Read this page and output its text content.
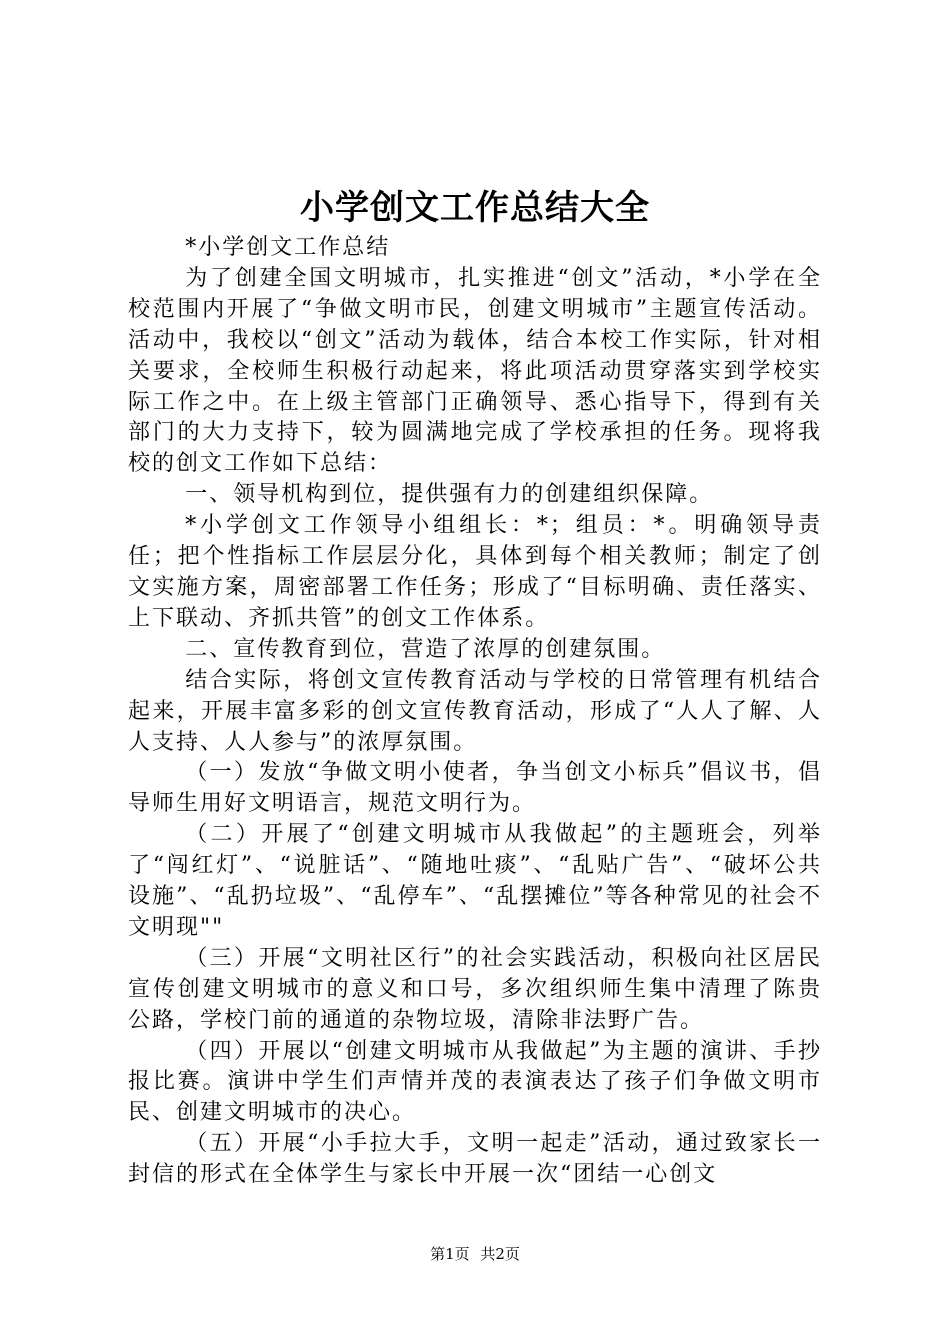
小学创文工作总结大全

*小学创文工作总结

为了创建全国文明城市，扎实推进“创文”活动，*小学在全校范围内开展了“争做文明市民，创建文明城市”主题宣传活动。活动中，我校以“创文”活动为载体，结合本校工作实际，针对相关要求，全校师生积极行动起来，将此项活动贯穿落实到学校实际工作之中。在上级主管部门正确领导、悉心指导下，得到有关部门的大力支持下，较为圆满地完成了学校承担的任务。现将我校的创文工作如下总结：

一、领导机构到位，提供强有力的创建组织保障。

*小学创文工作领导小组组长：*；组员：*。明确领导责任；把个性指标工作层层分化，具体到每个相关教师；制定了创文实施方案，周密部署工作任务；形成了“目标明确、责任落实、上下联动、齐抓共管”的创文工作体系。

二、宣传教育到位，营造了浓厚的创建氛围。

结合实际，将创文宣传教育活动与学校的日常管理有机结合起来，开展丰富多彩的创文宣传教育活动，形成了“人人了解、人人支持、人人参与”的浓厚氛围。

（一）发放“争做文明小使者，争当创文小标兵”倡议书，倡导师生用好文明语言，规范文明行为。

（二）开展了“创建文明城市从我做起”的主题班会，列举了“闯红灯”、“说脏话”、“随地吐痰”、“乱贴广告”、“破坏公共设施”、“乱扔垃圾”、“乱停车”、“乱摆摊位”等各种常见的社会不文明现""

（三）开展“文明社区行”的社会实践活动，积极向社区居民宣传创建文明城市的意义和口号，多次组织师生集中清理了陈贵公路，学校门前的通道的杂物垃圾，清除非法野广告。

（四）开展以“创建文明城市从我做起”为主题的演讲、手抄报比赛。演讲中学生们声情并茂的表演表达了孩子们争做文明市民、创建文明城市的决心。

（五）开展“小手拉大手，文明一起走”活动，通过致家长一封信的形式在全体学生与家长中开展一次“团结一心创文

第1页 共2页
